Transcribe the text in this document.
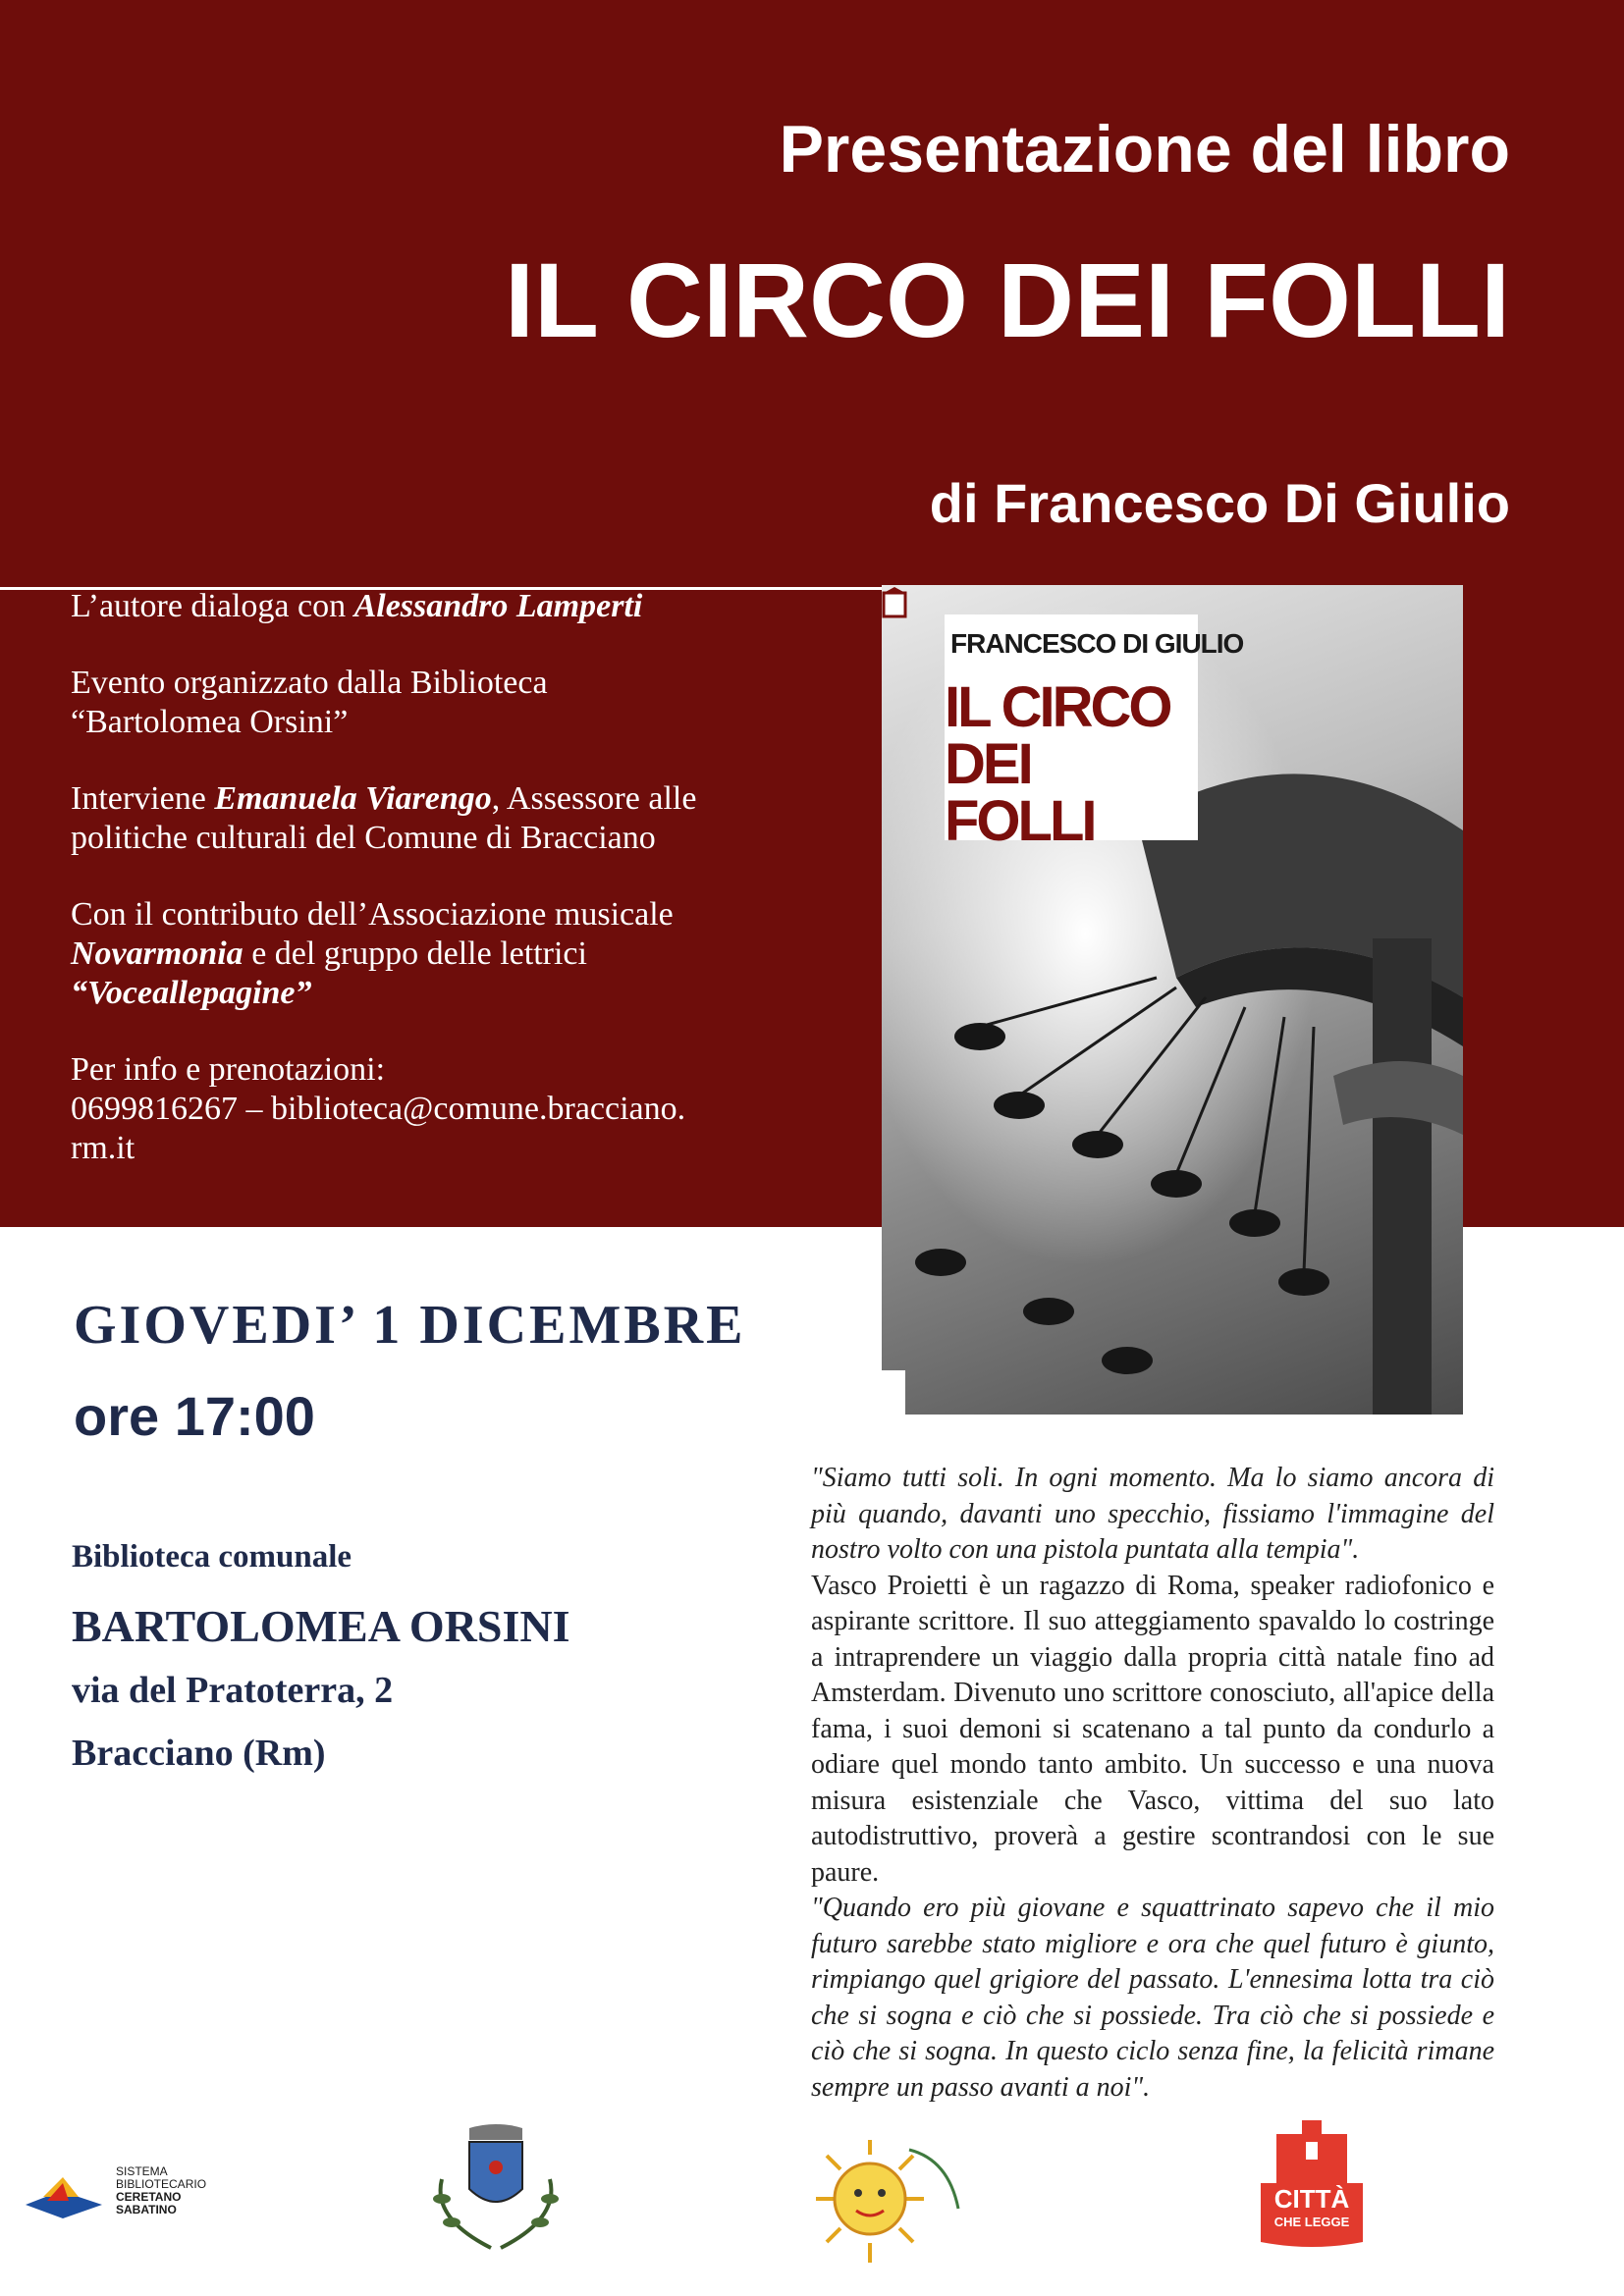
Presentazione del libro
IL CIRCO DEI FOLLI
di Francesco Di Giulio

L’autore dialoga con Alessandro Lamperti

Evento organizzato dalla Biblioteca
“Bartolomea Orsini”

Interviene Emanuela Viarengo, Assessore alle
politiche culturali del Comune di Bracciano

Con il contributo dell’Associazione musicale
Novarmonia e del gruppo delle lettrici
“Voceallepagine”

Per info e prenotazioni:
0699816267 – biblioteca@comune.bracciano.
rm.it

FRANCESCO DI GIULIO

IL CIRCO
DEI FOLLI

GIOVEDI’ 1 DICEMBRE

ore 17:00

Biblioteca comunale

BARTOLOMEA ORSINI

via del Pratoterra, 2

Bracciano (Rm)

"Siamo tutti soli. In ogni momento. Ma lo siamo ancora di più quando, davanti uno specchio, fissiamo l'immagine del nostro volto con una pistola puntata alla tempia".

Vasco Proietti è un ragazzo di Roma, speaker radiofonico e aspirante scrittore. Il suo atteggiamento spavaldo lo costringe a intraprendere un viaggio dalla propria città natale fino ad Amsterdam. Divenuto uno scrittore conosciuto, all'apice della fama, i suoi demoni si scatenano a tal punto da condurlo a odiare quel mondo tanto ambito. Un successo e una nuova misura esistenziale che Vasco, vittima del suo lato autodistruttivo, proverà a gestire scontrandosi con le sue paure.

"Quando ero più giovane e squattrinato sapevo che il mio futuro sarebbe stato migliore e ora che quel futuro è giunto, rimpiango quel grigiore del passato. L'ennesima lotta tra ciò che si sogna e ciò che si possiede. Tra ciò che si possiede e ciò che si sogna. In questo ciclo senza fine, la felicità rimane sempre un passo avanti a noi".

SISTEMA
BIBLIOTECARIO
CERETANO
SABATINO	CITTÀ

CHE LEGGE
